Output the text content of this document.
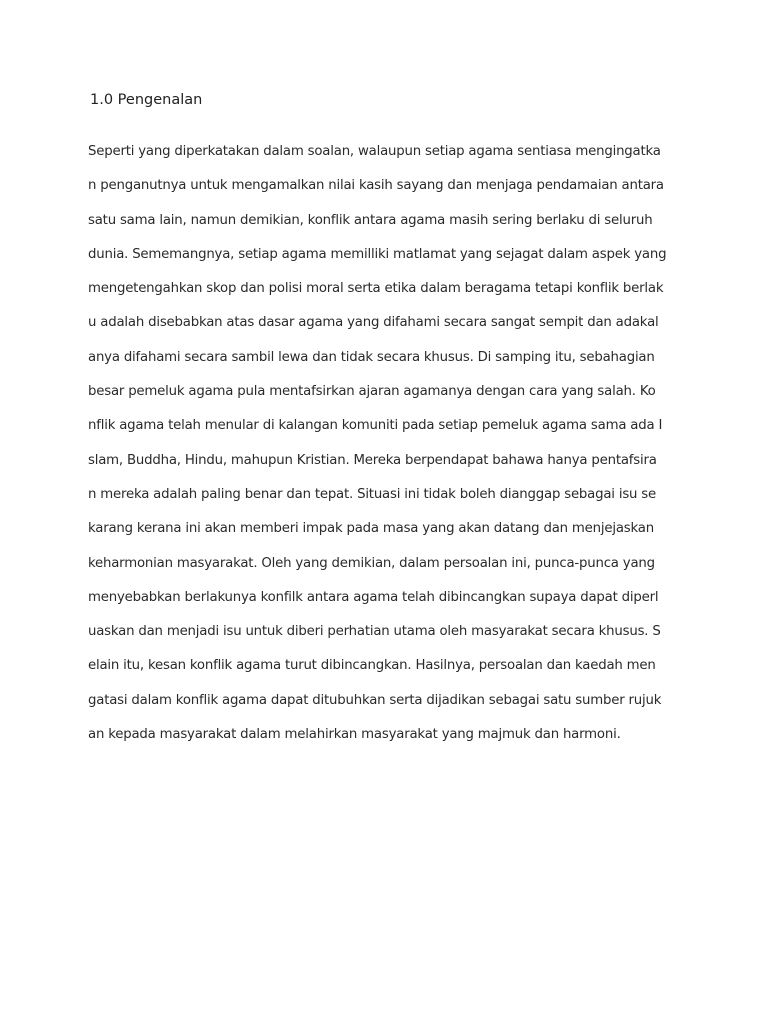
1.0 Pengenalan
Seperti yang diperkatakan dalam soalan, walaupun setiap agama sentiasa mengingatka
n penganutnya untuk mengamalkan nilai kasih sayang dan menjaga pendamaian antara
satu sama lain, namun demikian, konflik antara agama masih sering berlaku di seluruh
dunia. Sememangnya, setiap agama memilliki matlamat yang sejagat dalam aspek yang
mengetengahkan skop dan polisi moral serta etika dalam beragama tetapi konflik berlak
u adalah disebabkan atas dasar agama yang difahami secara sangat sempit dan adakal
anya difahami secara sambil lewa dan tidak secara khusus. Di samping itu, sebahagian
besar pemeluk agama pula mentafsirkan ajaran agamanya dengan cara yang salah. Ko
nflik agama telah menular di kalangan komuniti pada setiap pemeluk agama sama ada I
slam, Buddha, Hindu, mahupun Kristian. Mereka berpendapat bahawa hanya pentafsira
n mereka adalah paling benar dan tepat. Situasi ini tidak boleh dianggap sebagai isu se
karang kerana ini akan memberi impak pada masa yang akan datang dan menjejaskan
keharmonian masyarakat. Oleh yang demikian, dalam persoalan ini, punca-punca yang
menyebabkan berlakunya konfilk antara agama telah dibincangkan supaya dapat diperl
uaskan dan menjadi isu untuk diberi perhatian utama oleh masyarakat secara khusus. S
elain itu, kesan konflik agama turut dibincangkan. Hasilnya, persoalan dan kaedah men
gatasi dalam konflik agama dapat ditubuhkan serta dijadikan sebagai satu sumber rujuk
an kepada masyarakat dalam melahirkan masyarakat yang majmuk dan harmoni.
